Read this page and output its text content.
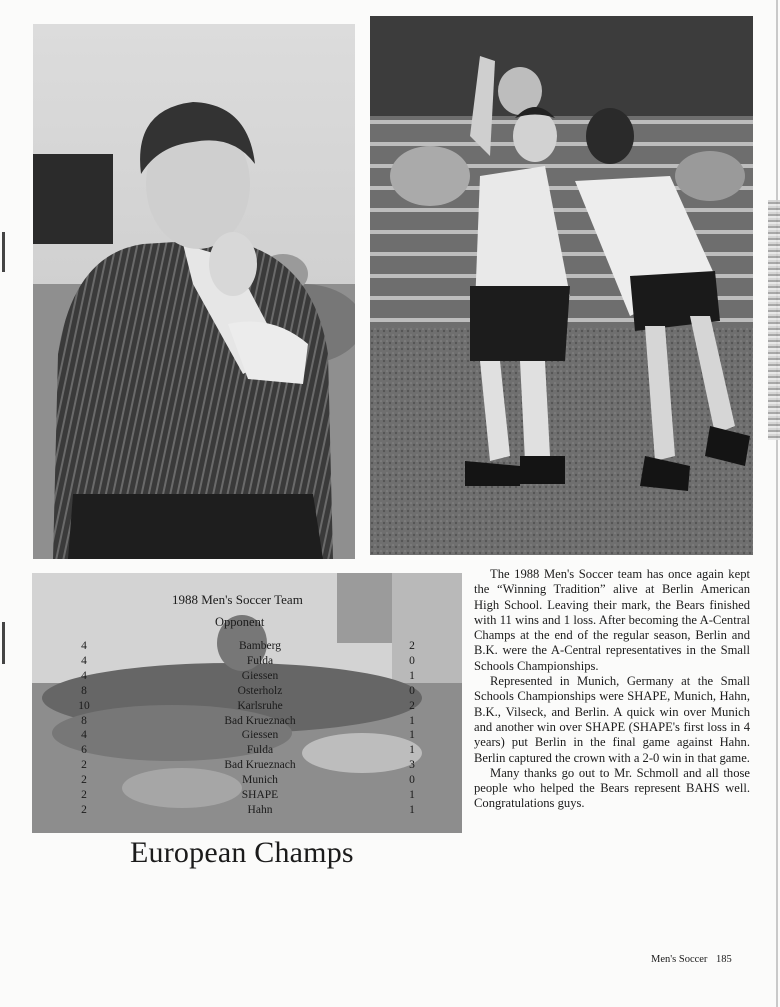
1988 Men's Soccer Team
Opponent
4
4
4
8
10
8
4
6
2
2
2
2
Bamberg
Fulda
Giessen
Osterholz
Karlsruhe
Bad Krueznach
Giessen
Fulda
Bad Krueznach
Munich
SHAPE
Hahn
2
0
1
0
2
1
1
1
3
0
1
1
European Champs

The 1988 Men's Soccer team has once again kept the “Winning Tradition” alive at Berlin American High School. Leaving their mark, the Bears finished with 11 wins and 1 loss. After becoming the A-Central Champs at the end of the regular season, Berlin and B.K. were the A-Central representatives in the Small Schools Championships.

Represented in Munich, Germany at the Small Schools Championships were SHAPE, Munich, Hahn, B.K., Vilseck, and Berlin. A quick win over Munich and another win over SHAPE (SHAPE's first loss in 4 years) put Berlin in the final game against Hahn. Berlin captured the crown with a 2-0 win in that game.

Many thanks go out to Mr. Schmoll and all those people who helped the Bears represent BAHS well. Congratulations guys.

Men's Soccer 185
